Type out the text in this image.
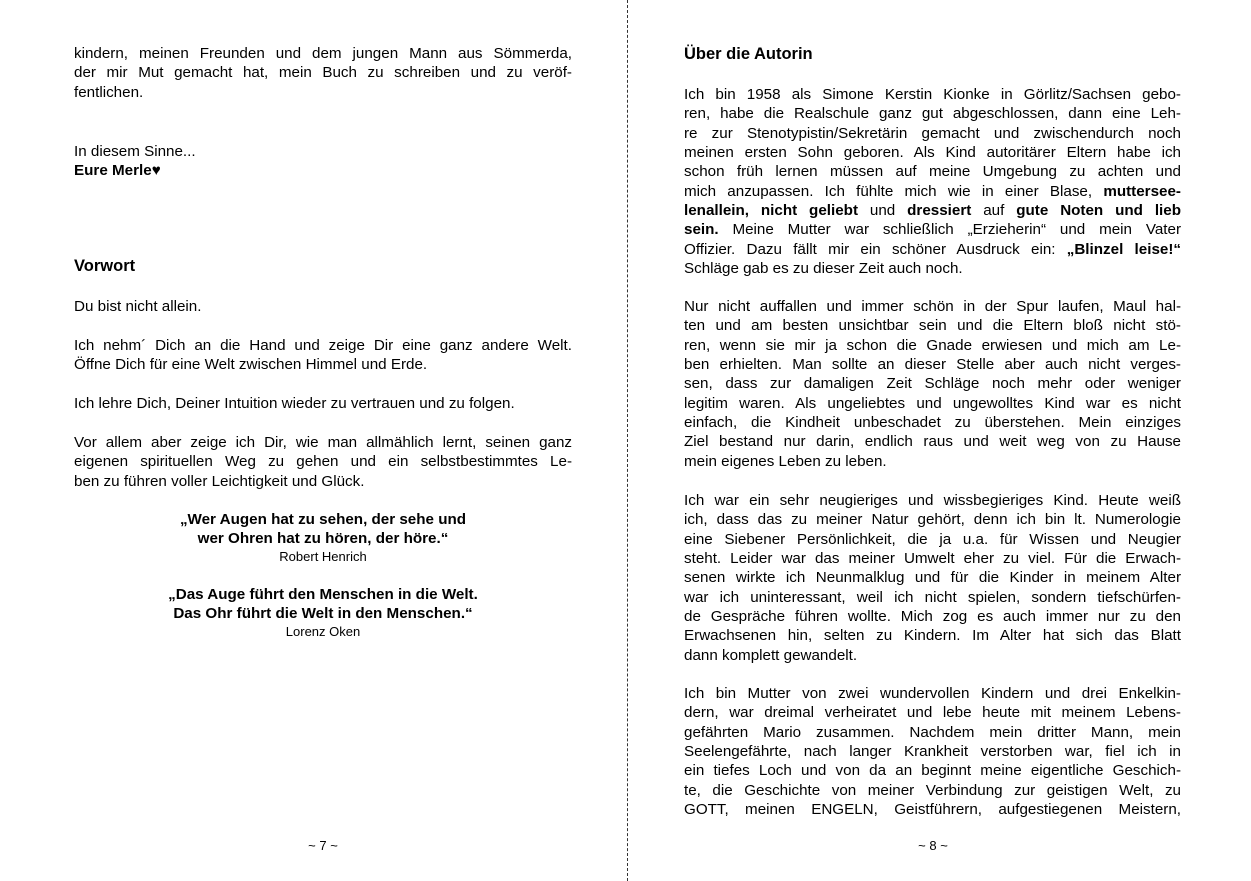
kindern, meinen Freunden und dem jungen Mann aus Sömmerda,
der mir Mut gemacht hat, mein Buch zu schreiben und zu veröf-
fentlichen.
In diesem Sinne...
Eure Merle♥
Vorwort
Du bist nicht allein.
Ich nehm´ Dich an die Hand und zeige Dir eine ganz andere Welt.
Öffne Dich für eine Welt zwischen Himmel und Erde.
Ich lehre Dich, Deiner Intuition wieder zu vertrauen und zu folgen.
Vor allem aber zeige ich Dir, wie man allmählich lernt, seinen ganz
eigenen spirituellen Weg zu gehen und ein selbstbestimmtes Le-
ben zu führen voller Leichtigkeit und Glück.
„Wer Augen hat zu sehen, der sehe und
wer Ohren hat zu hören, der höre.“
Robert Henrich
„Das Auge führt den Menschen in die Welt.
Das Ohr führt die Welt in den Menschen.“
Lorenz Oken
~ 7 ~
Über die Autorin
Ich bin 1958 als Simone Kerstin Kionke in Görlitz/Sachsen gebo-
ren, habe die Realschule ganz gut abgeschlossen, dann eine Leh-
re zur Stenotypistin/Sekretärin gemacht und zwischendurch noch
meinen ersten Sohn geboren. Als Kind autoritärer Eltern habe ich
schon früh lernen müssen auf meine Umgebung zu achten und
mich anzupassen. Ich fühlte mich wie in einer Blase, muttersee-
lenallein, nicht geliebt und dressiert auf gute Noten und lieb
sein. Meine Mutter war schließlich „Erzieherin“ und mein Vater
Offizier. Dazu fällt mir ein schöner Ausdruck ein: „Blinzel leise!“
Schläge gab es zu dieser Zeit auch noch.
Nur nicht auffallen und immer schön in der Spur laufen, Maul hal-
ten und am besten unsichtbar sein und die Eltern bloß nicht stö-
ren, wenn sie mir ja schon die Gnade erwiesen und mich am Le-
ben erhielten. Man sollte an dieser Stelle aber auch nicht verges-
sen, dass zur damaligen Zeit Schläge noch mehr oder weniger
legitim waren. Als ungeliebtes und ungewolltes Kind war es nicht
einfach, die Kindheit unbeschadet zu überstehen. Mein einziges
Ziel bestand nur darin, endlich raus und weit weg von zu Hause
mein eigenes Leben zu leben.
Ich war ein sehr neugieriges und wissbegieriges Kind. Heute weiß
ich, dass das zu meiner Natur gehört, denn ich bin lt. Numerologie
eine Siebener Persönlichkeit, die ja u.a. für Wissen und Neugier
steht. Leider war das meiner Umwelt eher zu viel. Für die Erwach-
senen wirkte ich Neunmalklug und für die Kinder in meinem Alter
war ich uninteressant, weil ich nicht spielen, sondern tiefschürfen-
de Gespräche führen wollte. Mich zog es auch immer nur zu den
Erwachsenen hin, selten zu Kindern. Im Alter hat sich das Blatt
dann komplett gewandelt.
Ich bin Mutter von zwei wundervollen Kindern und drei Enkelkin-
dern, war dreimal verheiratet und lebe heute mit meinem Lebens-
gefährten Mario zusammen. Nachdem mein dritter Mann, mein
Seelengefährte, nach langer Krankheit verstorben war, fiel ich in
ein tiefes Loch und von da an beginnt meine eigentliche Geschich-
te, die Geschichte von meiner Verbindung zur geistigen Welt, zu
GOTT, meinen ENGELN, Geistführern, aufgestiegenen Meistern,
~ 8 ~
